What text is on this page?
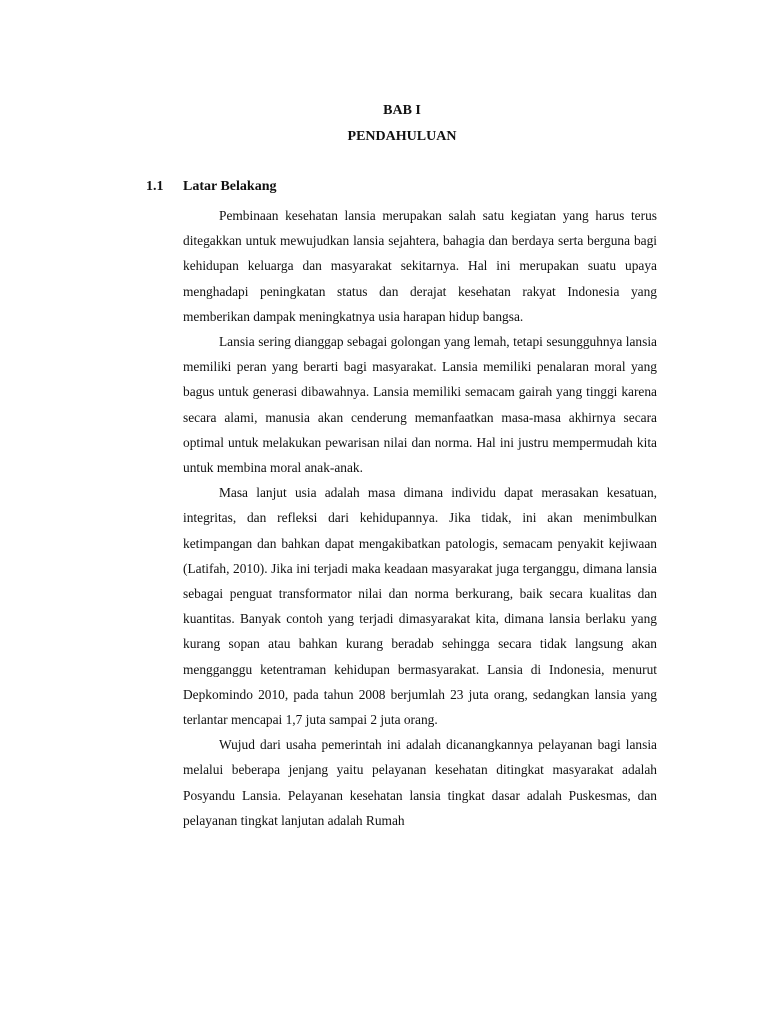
BAB I
PENDAHULUAN
1.1 Latar Belakang

Pembinaan kesehatan lansia merupakan salah satu kegiatan yang harus terus ditegakkan untuk mewujudkan lansia sejahtera, bahagia dan berdaya serta berguna bagi kehidupan keluarga dan masyarakat sekitarnya. Hal ini merupakan suatu upaya menghadapi peningkatan status dan derajat kesehatan rakyat Indonesia yang memberikan dampak meningkatnya usia harapan hidup bangsa.

Lansia sering dianggap sebagai golongan yang lemah, tetapi sesungguhnya lansia memiliki peran yang berarti bagi masyarakat. Lansia memiliki penalaran moral yang bagus untuk generasi dibawahnya. Lansia memiliki semacam gairah yang tinggi karena secara alami, manusia akan cenderung memanfaatkan masa-masa akhirnya secara optimal untuk melakukan pewarisan nilai dan norma. Hal ini justru mempermudah kita untuk membina moral anak-anak.

Masa lanjut usia adalah masa dimana individu dapat merasakan kesatuan, integritas, dan refleksi dari kehidupannya. Jika tidak, ini akan menimbulkan ketimpangan dan bahkan dapat mengakibatkan patologis, semacam penyakit kejiwaan (Latifah, 2010). Jika ini terjadi maka keadaan masyarakat juga terganggu, dimana lansia sebagai penguat transformator nilai dan norma berkurang, baik secara kualitas dan kuantitas. Banyak contoh yang terjadi dimasyarakat kita, dimana lansia berlaku yang kurang sopan atau bahkan kurang beradab sehingga secara tidak langsung akan mengganggu ketentraman kehidupan bermasyarakat. Lansia di Indonesia, menurut Depkomindo 2010, pada tahun 2008 berjumlah 23 juta orang, sedangkan lansia yang terlantar mencapai 1,7 juta sampai 2 juta orang.

Wujud dari usaha pemerintah ini adalah dicanangkannya pelayanan bagi lansia melalui beberapa jenjang yaitu pelayanan kesehatan ditingkat masyarakat adalah Posyandu Lansia. Pelayanan kesehatan lansia tingkat dasar adalah Puskesmas, dan pelayanan tingkat lanjutan adalah Rumah
